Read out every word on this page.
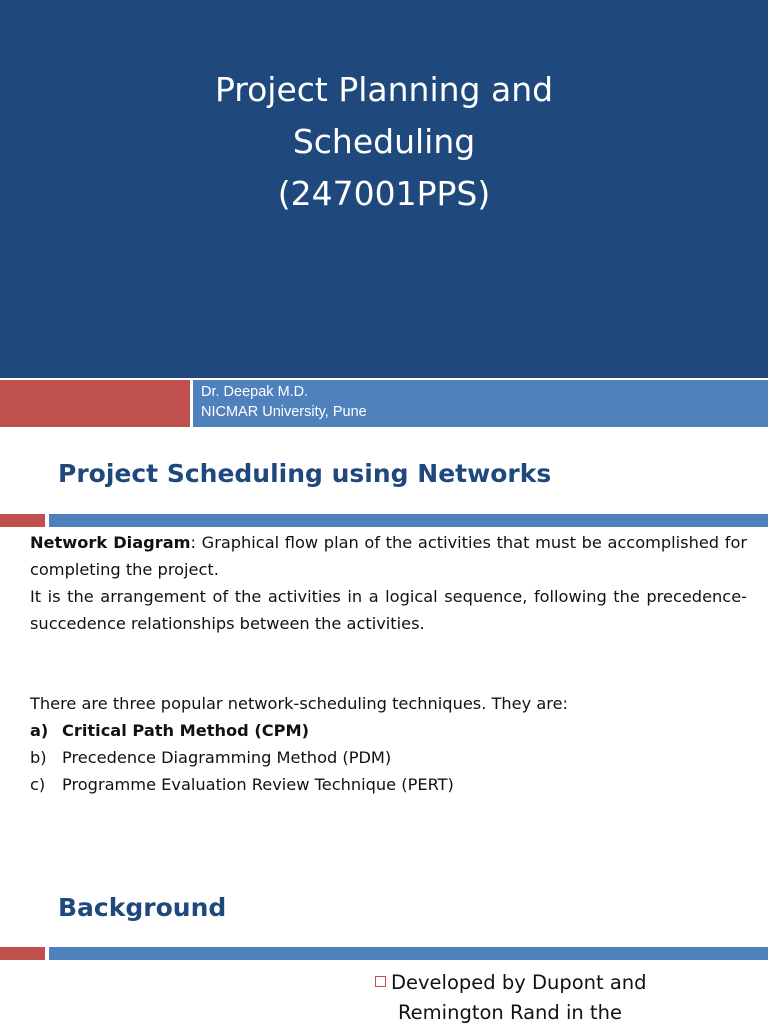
Project Planning and
Scheduling
(247001PPS)
Dr. Deepak M.D.
NICMAR University, Pune
Project Scheduling using Networks

Network Diagram: Graphical flow plan of the activities that must be accomplished for completing the project.

It is the arrangement of the activities in a logical sequence, following the precedence-succedence relationships between the activities.

There are three popular network-scheduling techniques. They are:

a) Critical Path Method (CPM)

b) Precedence Diagramming Method (PDM)

c)	Programme Evaluation Review Technique (PERT)

Background
Developed by Dupont and
Remington Rand in the
